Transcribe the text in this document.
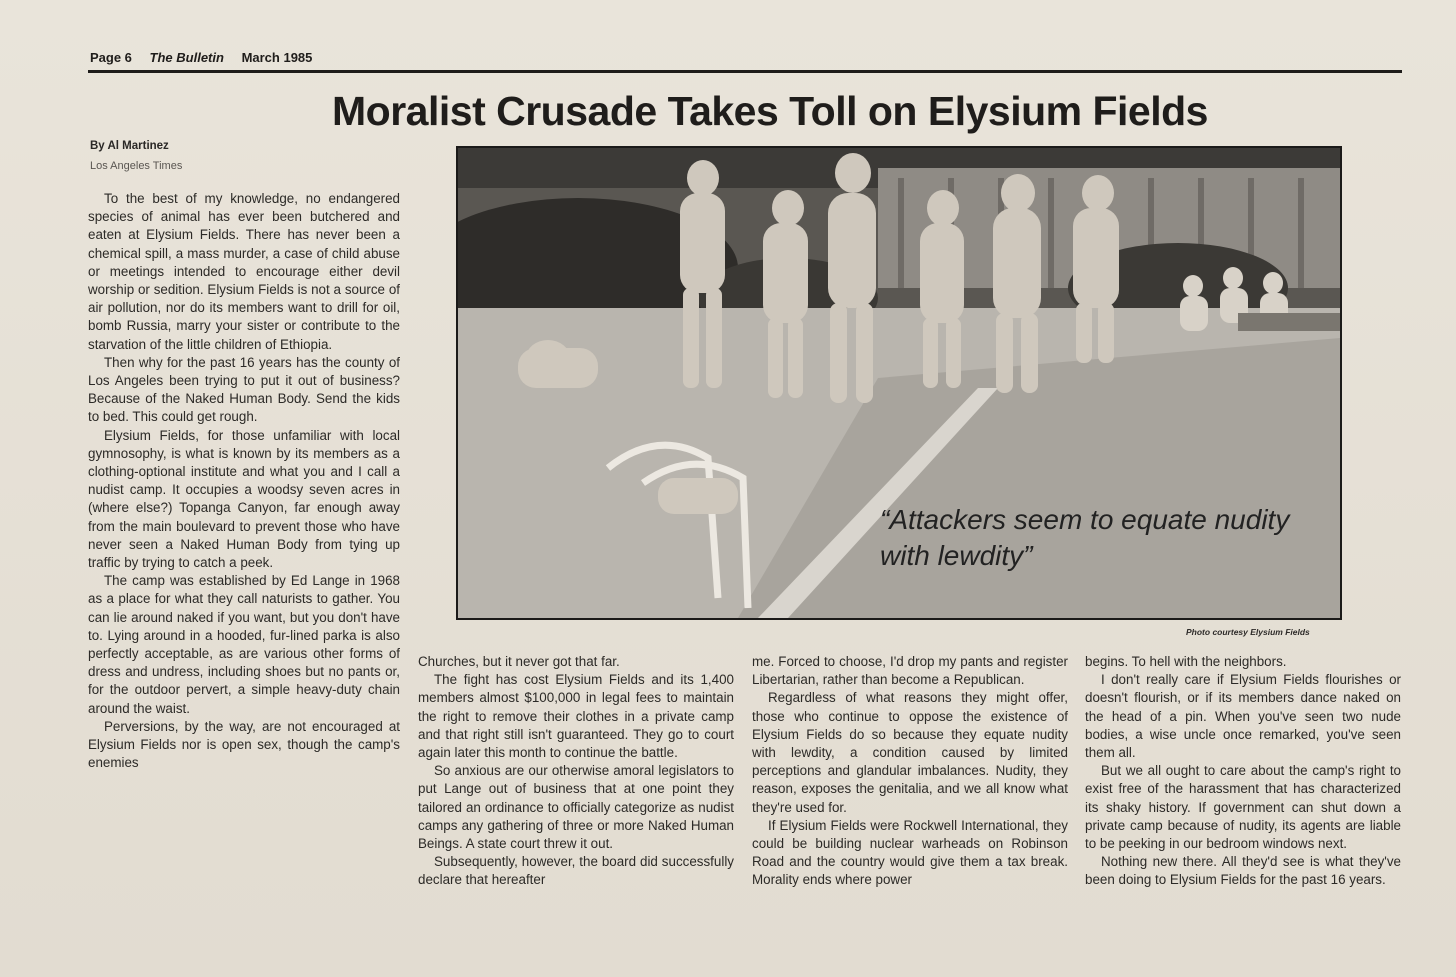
Page 6 The Bulletin March 1985
Moralist Crusade Takes Toll on Elysium Fields
By Al Martinez
Los Angeles Times

To the best of my knowledge, no endangered species of animal has ever been butchered and eaten at Elysium Fields. There has never been a chemical spill, a mass murder, a case of child abuse or meetings intended to encourage either devil worship or sedition. Elysium Fields is not a source of air pollution, nor do its members want to drill for oil, bomb Russia, marry your sister or contribute to the starvation of the little children of Ethiopia.

Then why for the past 16 years has the county of Los Angeles been trying to put it out of business? Because of the Naked Human Body. Send the kids to bed. This could get rough.

Elysium Fields, for those unfamiliar with local gymnosophy, is what is known by its members as a clothing-optional institute and what you and I call a nudist camp. It occupies a woodsy seven acres in (where else?) Topanga Canyon, far enough away from the main boulevard to prevent those who have never seen a Naked Human Body from tying up traffic by trying to catch a peek.

The camp was established by Ed Lange in 1968 as a place for what they call naturists to gather. You can lie around naked if you want, but you don't have to. Lying around in a hooded, fur-lined parka is also perfectly acceptable, as are various other forms of dress and undress, including shoes but no pants or, for the outdoor pervert, a simple heavy-duty chain around the waist.

Perversions, by the way, are not encouraged at Elysium Fields nor is open sex, though the camp's enemies

“Attackers seem to equate nudity with lewdity”
Photo courtesy Elysium Fields

Churches, but it never got that far.

The fight has cost Elysium Fields and its 1,400 members almost $100,000 in legal fees to maintain the right to remove their clothes in a private camp and that right still isn't guaranteed. They go to court again later this month to continue the battle.

So anxious are our otherwise amoral legislators to put Lange out of business that at one point they tailored an ordinance to officially categorize as nudist camps any gathering of three or more Naked Human Beings. A state court threw it out.

Subsequently, however, the board did successfully declare that hereafter

me. Forced to choose, I'd drop my pants and register Libertarian, rather than become a Republican.

Regardless of what reasons they might offer, those who continue to oppose the existence of Elysium Fields do so because they equate nudity with lewdity, a condition caused by limited perceptions and glandular imbalances. Nudity, they reason, exposes the genitalia, and we all know what they're used for.

If Elysium Fields were Rockwell International, they could be building nuclear warheads on Robinson Road and the country would give them a tax break. Morality ends where power

begins. To hell with the neighbors.

I don't really care if Elysium Fields flourishes or doesn't flourish, or if its members dance naked on the head of a pin. When you've seen two nude bodies, a wise uncle once remarked, you've seen them all.

But we all ought to care about the camp's right to exist free of the harassment that has characterized its shaky history. If government can shut down a private camp because of nudity, its agents are liable to be peeking in our bedroom windows next.

Nothing new there. All they'd see is what they've been doing to Elysium Fields for the past 16 years.
